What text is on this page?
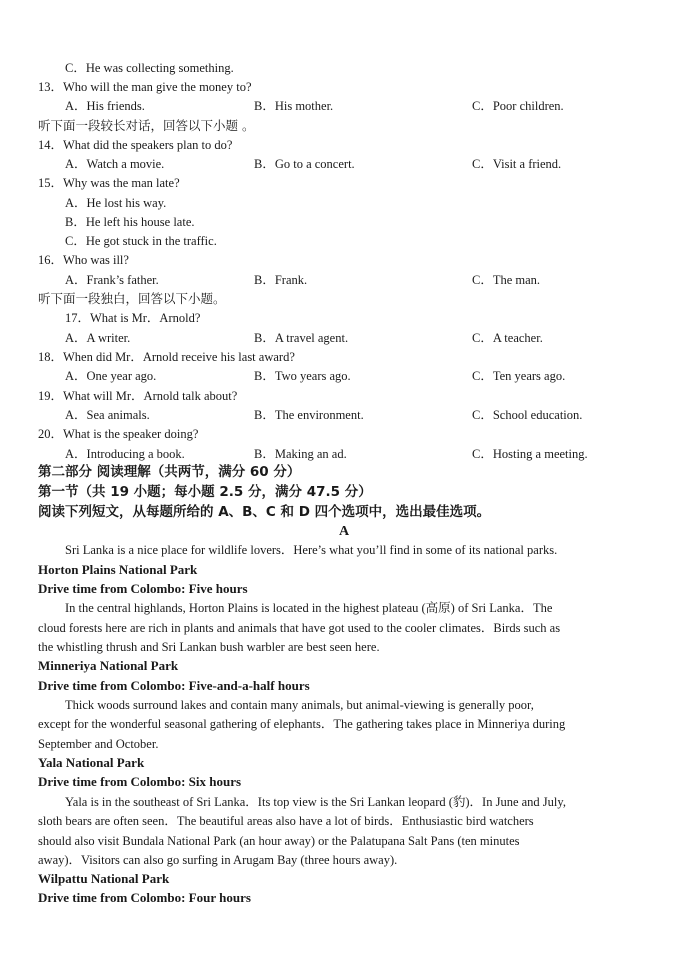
C．He was collecting something.
13．Who will the man give the money to?
A．His friends.	B．His mother.	C．Poor children.
听下面一段较长对话，回答以下小题 。
14．What did the speakers plan to do?
A．Watch a movie.	B．Go to a concert.	C．Visit a friend.
15．Why was the man late?
A．He lost his way.
B．He left his house late.
C．He got stuck in the traffic.
16．Who was ill?
A．Frank’s father.	B．Frank.	C．The man.
听下面一段独白，回答以下小题。
17．What is Mr．Arnold?
A．A writer.	B．A travel agent.	C．A teacher.
18．When did Mr．Arnold receive his last award?
A．One year ago.	B．Two years ago.	C．Ten years ago.
19．What will Mr．Arnold talk about?
A．Sea animals.	B．The environment.	C．School education.
20．What is the speaker doing?
A．Introducing a book.	B．Making an ad.	C．Hosting a meeting.
第二部分 阅读理解（共两节，满分 60 分）
第一节（共 19 小题；每小题 2.5 分，满分 47.5 分）
阅读下列短文，从每题所给的 A、B、C 和 D 四个选项中，选出最佳选项。
A
Sri Lanka is a nice place for wildlife lovers．Here’s what you’ll find in some of its national parks.
Horton Plains National Park
Drive time from Colombo: Five hours
In the central highlands, Horton Plains is located in the highest plateau (高原) of Sri Lanka．The
cloud forests here are rich in plants and animals that have got used to the cooler climates．Birds such as
the whistling thrush and Sri Lankan bush warbler are best seen here.
Minneriya National Park
Drive time from Colombo: Five-and-a-half hours
Thick woods surround lakes and contain many animals, but animal-viewing is generally poor,
except for the wonderful seasonal gathering of elephants．The gathering takes place in Minneriya during
September and October.
Yala National Park
Drive time from Colombo: Six hours
Yala is in the southeast of Sri Lanka．Its top view is the Sri Lankan leopard (豹)．In June and July,
sloth bears are often seen．The beautiful areas also have a lot of birds．Enthusiastic bird watchers
should also visit Bundala National Park (an hour away) or the Palatupana Salt Pans (ten minutes
away)．Visitors can also go surfing in Arugam Bay (three hours away).
Wilpattu National Park
Drive time from Colombo: Four hours
